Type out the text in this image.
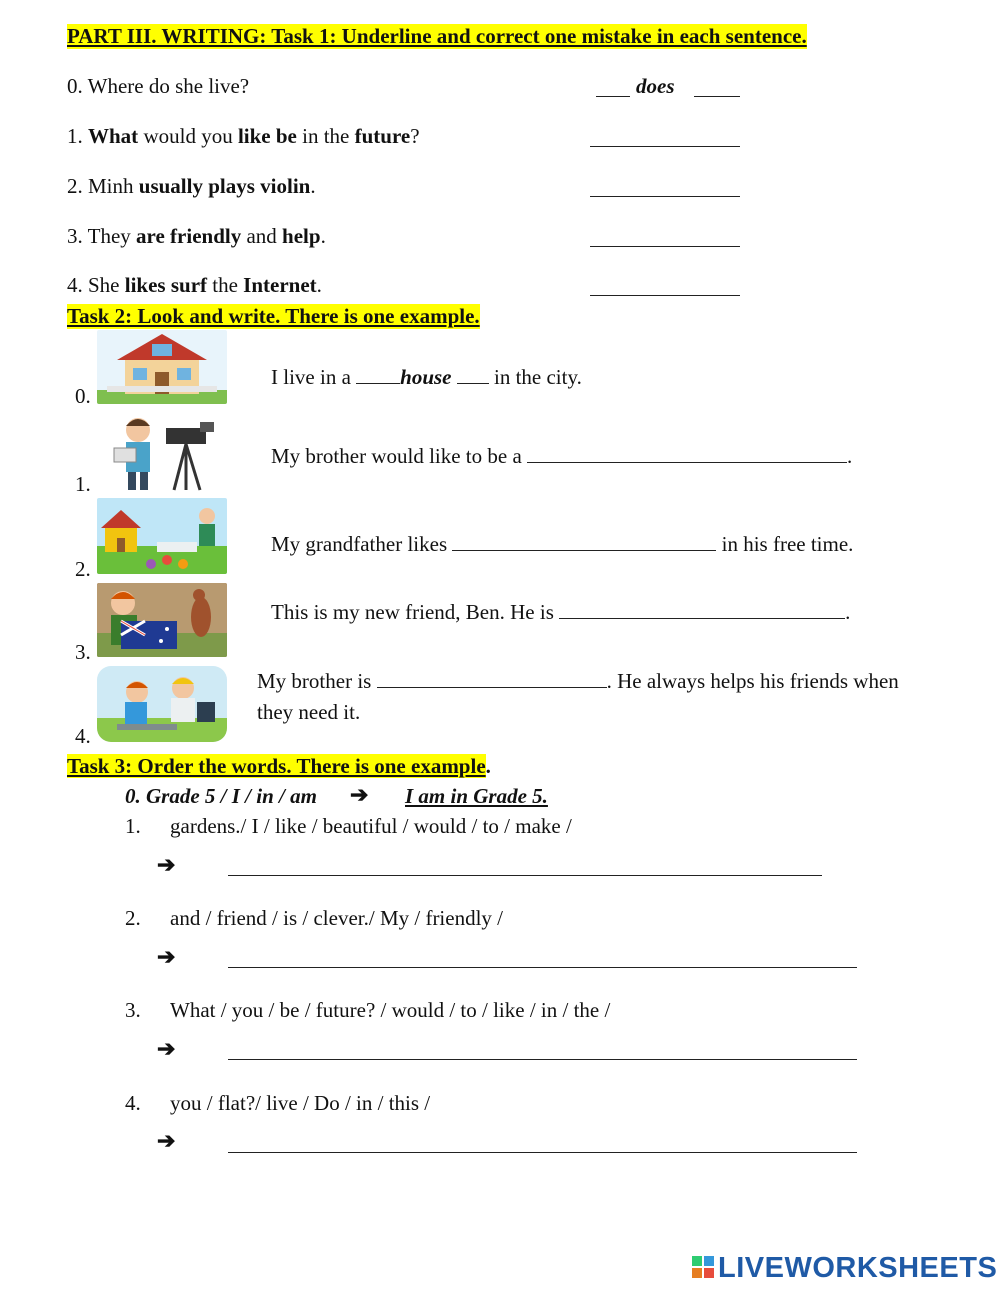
PART III. WRITING: Task 1: Underline and correct one mistake in each sentence.
0. Where do she live?	does
1. What would you like be in the future?
2. Minh usually plays violin.
3. They are friendly and help.
4. She likes surf the Internet.
Task 2: Look and write. There is one example.
0.
I live in a house  in the city.
1.
My brother would like to be a	.
2.
My grandfather likes	in his free time.
3.
This is my new friend, Ben. He is	.
4.
My brother is	. He always helps his friends when
they need it.
Task 3: Order the words. There is one example.
0. Grade 5 / I / in / am ➔ I am in Grade 5.
1. gardens./ I / like / beautiful / would / to / make /
➔
2. and / friend / is / clever./ My / friendly /
➔
3. What / you / be / future? / would / to / like / in / the /
➔
4. you / flat?/ live / Do / in / this /
➔
LIVEWORKSHEETS
